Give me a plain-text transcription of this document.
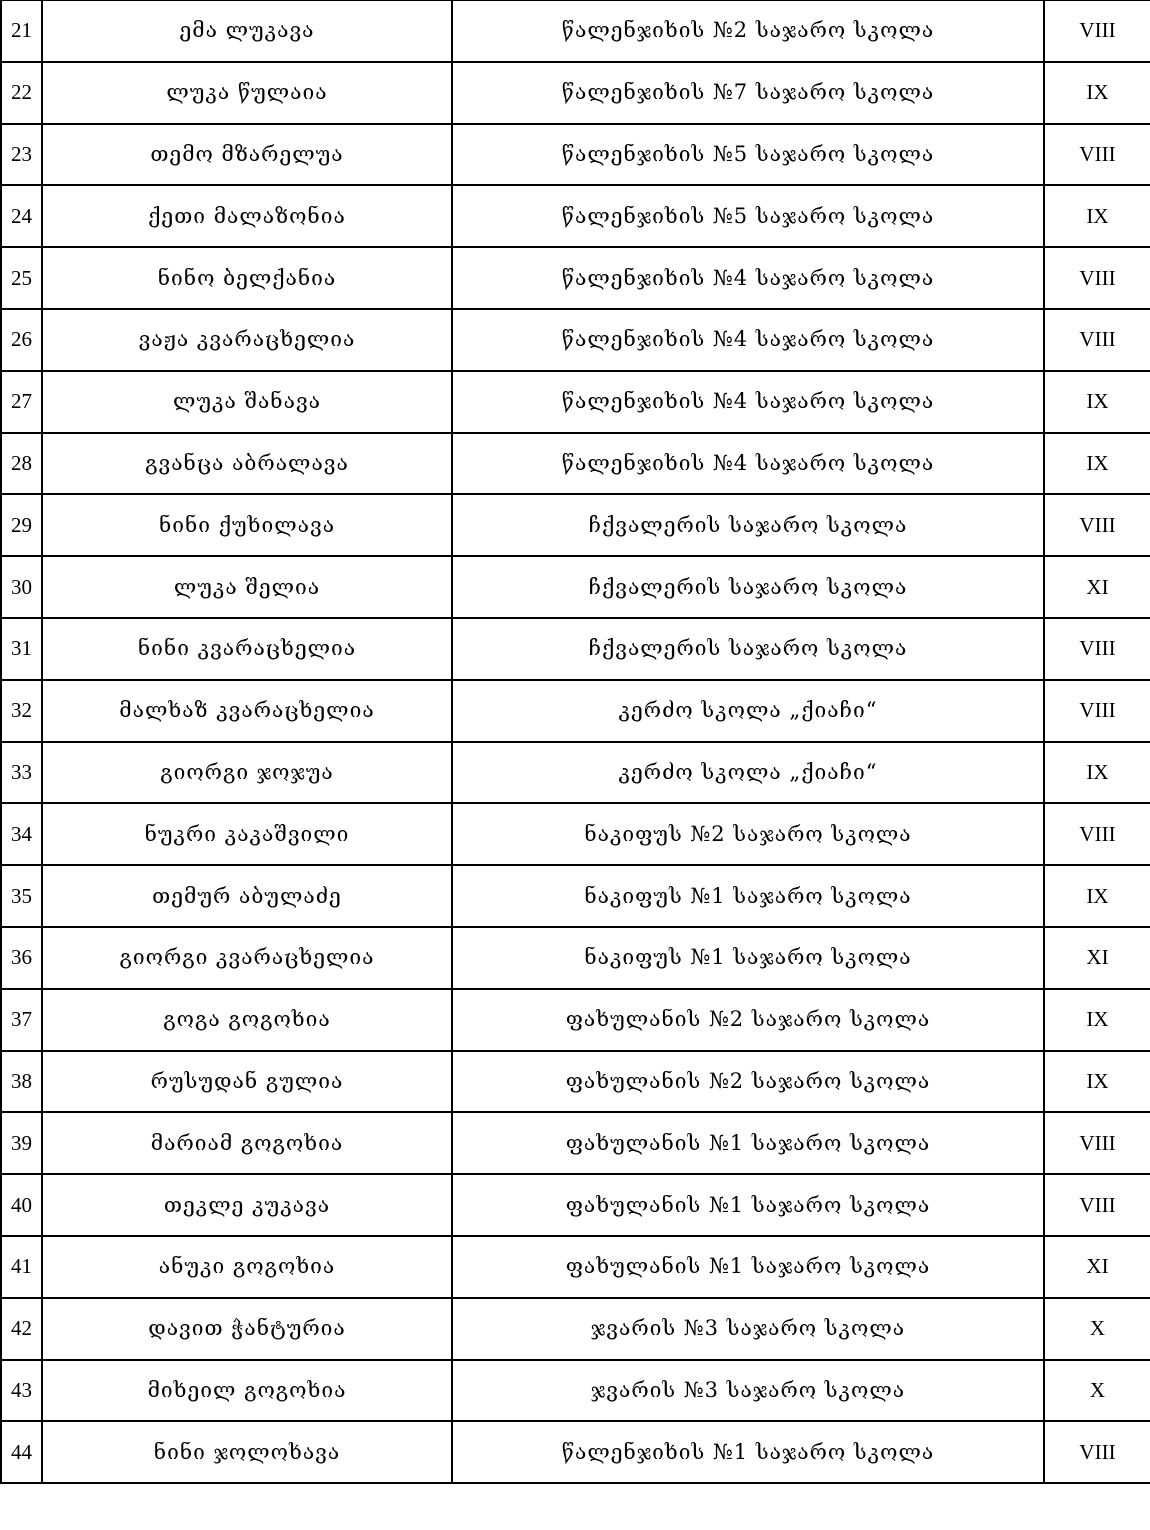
21	ემა ლუკავა	წალენჯიხის №2 საჯარო სკოლა	VIII
22	ლუკა წულაია	წალენჯიხის №7 საჯარო სკოლა	IX
23	თემო მზარელუა	წალენჯიხის №5 საჯარო სკოლა	VIII
24	ქეთი მალაზონია	წალენჯიხის №5 საჯარო სკოლა	IX
25	ნინო ბელქანია	წალენჯიხის №4 საჯარო სკოლა	VIII
26	ვაჟა კვარაცხელია	წალენჯიხის №4 საჯარო სკოლა	VIII
27	ლუკა შანავა	წალენჯიხის №4 საჯარო სკოლა	IX
28	გვანცა აბრალავა	წალენჯიხის №4 საჯარო სკოლა	IX
29	ნინი ქუხილავა	ჩქვალერის საჯარო სკოლა	VIII
30	ლუკა შელია	ჩქვალერის საჯარო სკოლა	XI
31	ნინი კვარაცხელია	ჩქვალერის საჯარო სკოლა	VIII
32	მალხაზ კვარაცხელია	კერძო სკოლა „ქიაჩი“	VIII
33	გიორგი ჯოჯუა	კერძო სკოლა „ქიაჩი“	IX
34	ნუკრი კაკაშვილი	ნაკიფუს №2 საჯარო სკოლა	VIII
35	თემურ აბულაძე	ნაკიფუს №1 საჯარო სკოლა	IX
36	გიორგი კვარაცხელია	ნაკიფუს №1 საჯარო სკოლა	XI
37	გოგა გოგოხია	ფახულანის №2 საჯარო სკოლა	IX
38	რუსუდან გულია	ფახულანის №2 საჯარო სკოლა	IX
39	მარიამ გოგოხია	ფახულანის №1 საჯარო სკოლა	VIII
40	თეკლე კუკავა	ფახულანის №1 საჯარო სკოლა	VIII
41	ანუკი გოგოხია	ფახულანის №1 საჯარო სკოლა	XI
42	დავით ჭანტურია	ჯვარის №3 საჯარო სკოლა	X
43	მიხეილ გოგოხია	ჯვარის №3 საჯარო სკოლა	X
44	ნინი ჯოლოხავა	წალენჯიხის №1 საჯარო სკოლა	VIII
